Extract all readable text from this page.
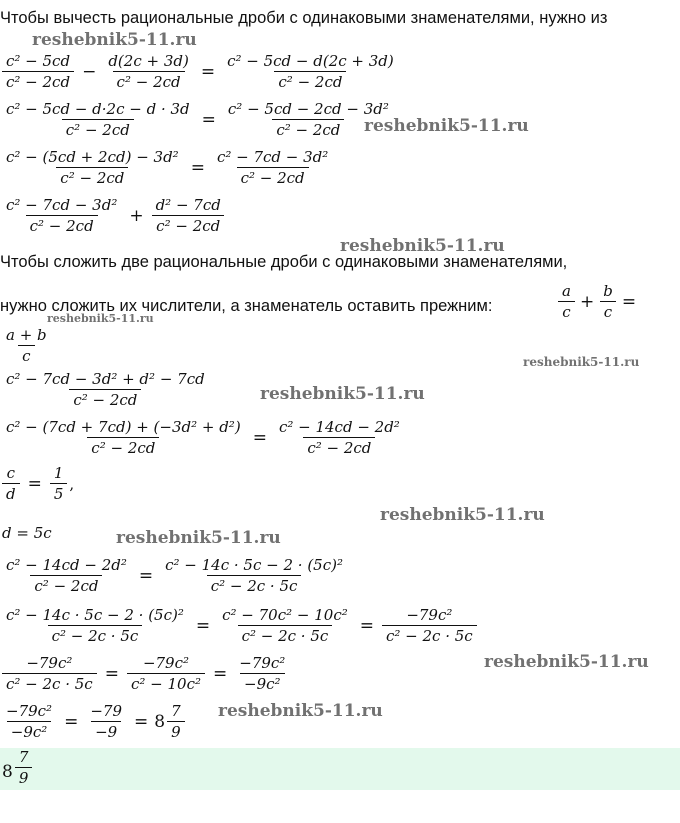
Чтобы вычесть рациональные дроби с одинаковыми знаменателями, нужно из
$\frac{\text{c² − 5cd}}{\text{c² − 2cd}} - \frac{d(2c + 3d)}{\text{c² − 2cd}} = \frac{\text{c² − 5cd − d(2c + 3d)}}{\text{c² − 2cd}}$
$\frac{\text{c² − 5cd − d·2c − d · 3d}}{\text{c² − 2cd}} = \frac{\text{c² − 5cd − 2cd − 3d²}}{\text{c² − 2cd}}$
$\frac{\text{c² − (5cd + 2cd) − 3d²}}{\text{c² − 2cd}} = \frac{\text{c² − 7cd − 3d²}}{\text{c² − 2cd}}$
$\frac{\text{c² − 7cd − 3d²}}{\text{c² − 2cd}} + \frac{\text{d² − 7cd}}{\text{c² − 2cd}}$
Чтобы сложить две рациональные дроби с одинаковыми знаменателями,
нужно сложить их числители, а знаменатель оставить прежним:	$\frac{a}{c} + \frac{b}{c}$ =
$\frac{a + b}{c}$
$\frac{\text{c² − 7cd − 3d² + d² − 7cd}}{\text{c² − 2cd}}$
$\frac{\text{c² − (7cd + 7cd) + (−3d² + d²)}}{\text{c² − 2cd}} = \frac{\text{c² − 14cd − 2d²}}{\text{c² − 2cd}}$
$\frac{c}{d} = \frac{1}{5}$ ,
d = 5c
$\frac{\text{c² − 14cd − 2d²}}{\text{c² − 2cd}} = \frac{\text{c² − 14c · 5c − 2 · (5c)²}}{\text{c² − 2c · 5c}}$
$\frac{\text{c² − 14c · 5c − 2 · (5c)²}}{\text{c² − 2c · 5c}} = \frac{\text{c² − 70c² − 10c²}}{\text{c² − 2c · 5c}} = \frac{\text{−79c²}}{\text{c² − 2c · 5c}}$
$\frac{\text{−79c²}}{\text{c² − 2c · 5c}} = \frac{\text{−79c²}}{\text{c² − 10c²}} = \frac{\text{−79c²}}{\text{−9c²}}$
$\frac{\text{−79c²}}{\text{−9c²}} = \frac{-79}{-9} = 8 \frac{7}{9}$
$8 \frac{7}{9}$
reshebnik5-11.ru
reshebnik5-11.ru
reshebnik5-11.ru
reshebnik5-11.ru
reshebnik5-11.ru
reshebnik5-11.ru
reshebnik5-11.ru
reshebnik5-11.ru
reshebnik5-11.ru
reshebnik5-11.ru
